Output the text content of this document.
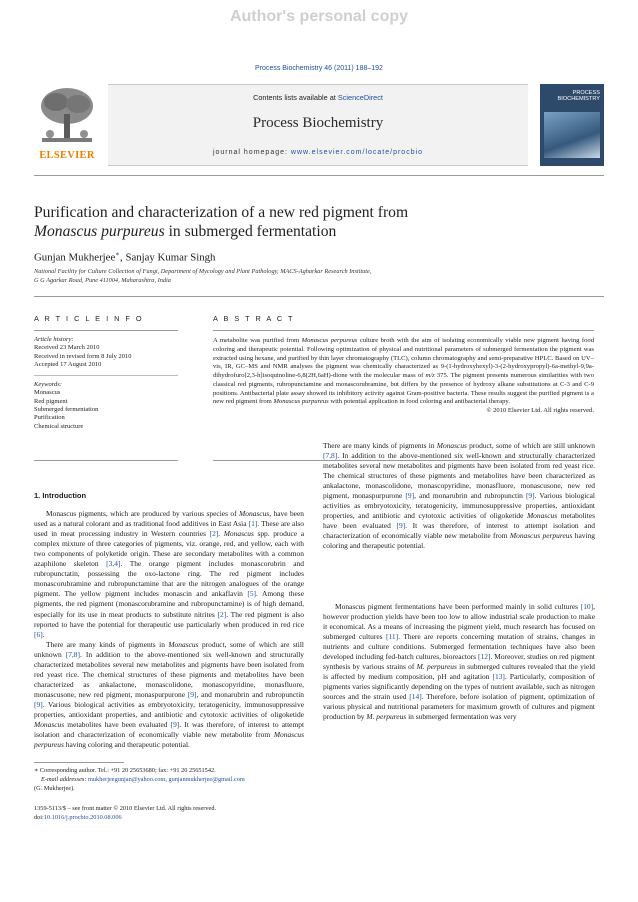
Author's personal copy
Process Biochemistry 46 (2011) 188–192
ELSEVIER
Contents lists available at ScienceDirect
Process Biochemistry
journal homepage: www.elsevier.com/locate/procbio
PROCESS
BIOCHEMISTRY
Purification and characterization of a new red pigment from
Monascus purpureus in submerged fermentation
Gunjan Mukherjee∗, Sanjay Kumar Singh
National Facility for Culture Collection of Fungi, Department of Mycology and Plant Pathology, MACS-Agharkar Research Institute,
G G Agarkar Road, Pune 411004, Maharashtra, India
A R T I C L E I N F O
Article history:
Received 23 March 2010
Received in revised form 8 July 2010
Accepted 17 August 2010
Keywords:
Monascus
Red pigment
Submerged fermentation
Purification
Chemical structure
A B S T R A C T
A metabolite was purified from Monascus perpureus culture broth with the aim of isolating economically viable new pigment having food coloring and therapeutic potential. Following optimization of physical and nutritional parameters of submerged fermentation the pigment was extracted using hexane, and purified by thin layer chromatography (TLC), column chromatography and semi-preparative HPLC. Based on UV–vis, IR, GC–MS and NMR analyses the pigment was chemically characterized as 9-(1-hydroxyhexyl)-3-(2-hydroxypropyl)-6a-methyl-9,9a-dihydrofuro[2,3-h]isoquinoline-6,8(2H,6aH)-dione with the molecular mass of m/z 375. The pigment presents numerous similarities with two classical red pigments, rubropunctamine and monascorubramine, but differs by the presence of hydroxy alkane substitutions at C-3 and C-9 positions. Antibacterial plate assay showed its inhibitory activity against Gram-positive bacteria. These results suggest the purified pigment is a new red pigment from Monascus purpureus with potential application in food coloring and antibacterial therapy.
© 2010 Elsevier Ltd. All rights reserved.
1. Introduction

Monascus pigments, which are produced by various species of Monascus, have been used as a natural colorant and as traditional food additives in East Asia [1]. These are also used in meat processing industry in Western countries [2]. Monascus spp. produce a complex mixture of three categories of pigments, viz. orange, red, and yellow, each with two components of polyketide origin. These are secondary metabolites with a common azaphilone skeleton [3,4]. The orange pigment includes monascorubrin and rubropunctatin, possessing the oxo-lactone ring. The red pigment includes monascorubramine and rubropunctamine that are the nitrogen analogues of the orange pigment. The yellow pigment includes monascin and ankaflavin [5]. Among these pigments, the red pigment (monascorubramine and rubropunctamine) is of high demand, especially for its use in meat products to substitute nitrites [2]. The red pigment is also reported to have the potential for therapeutic use particularly when produced in red rice [6].

There are many kinds of pigments in Monascus product, some of which are still unknown [7,8]. In addition to the above-mentioned six well-known and structurally characterized metabolites several new metabolites and pigments have been isolated from red yeast rice. The chemical structures of these pigments and metabolites have been characterized as ankalactone, monascolidone, monascopyridine, monasfluore, monascusone, new red pigment, monaspurpurone [9], and monarubrin and rubropunctin [9]. Various biological activities as embryotoxicity, teratogenicity, immunosuppressive properties, antioxidant properties, and antibiotic and cytotoxic activities of oligoketide Monascus metabolites have been evaluated [9]. It was therefore, of interest to attempt isolation and characterization of economically viable new metabolite from Monascus perpureus having coloring and therapeutic potential.

There are many kinds of pigments in Monascus product, some of which are still unknown [7,8]. In addition to the above-mentioned six well-known and structurally characterized metabolites several new metabolites and pigments have been isolated from red yeast rice. The chemical structures of these pigments and metabolites have been characterized as ankalactone, monascolidone, monascopyridine, monasfluore, monascusone, new red pigment, monaspurpurone [9], and monarubrin and rubropunctin [9]. Various biological activities as embryotoxicity, teratogenicity, immunosuppressive properties, antioxidant properties, and antibiotic and cytotoxic activities of oligoketide Monascus metabolites have been evaluated [9]. It was therefore, of interest to attempt isolation and characterization of economically viable new metabolite from Monascus perpureus having coloring and therapeutic potential.

Monascus pigment fermentations have been performed mainly in solid cultures [10], however production yields have been too low to allow industrial scale production to make it economical. As a means of increasing the pigment yield, much research has focused on submerged cultures [11]. There are reports concerning mutation of strains, changes in nutrients and culture conditions. Submerged fermentation techniques have also been developed including fed-batch cultures, bioreactors [12]. Moreover, studies on red pigment synthesis by various strains of M. perpureus in submerged cultures revealed that the yield is affected by medium composition, pH and agitation [13]. Particularly, composition of pigments varies significantly depending on the types of nutrient available, such as nitrogen sources and the strain used [14]. Therefore, before isolation of pigment, optimization of various physical and nutritional parameters for maximum growth of cultures and pigment production by M. perpureus in submerged fermentation was very

∗ Corresponding author. Tel.: +91 20 25653680; fax: +91 20 25651542.
E-mail addresses: mukherjeegunjan@yahoo.com, gunjanmukherjee@gmail.com
(G. Mukherjee).
1359-5113/$ – see front matter © 2010 Elsevier Ltd. All rights reserved.
doi:10.1016/j.procbio.2010.08.006
